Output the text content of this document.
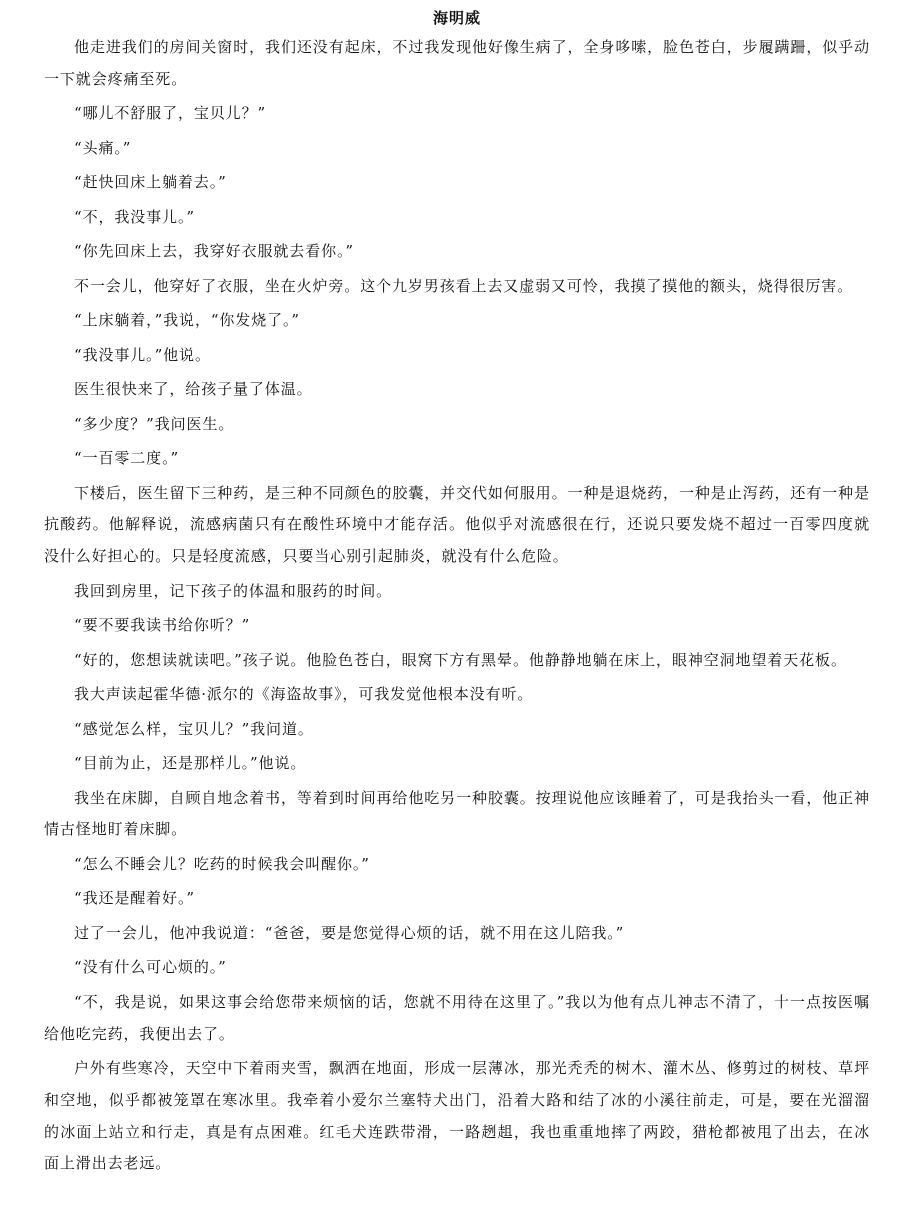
海明威

他走进我们的房间关窗时，我们还没有起床，不过我发现他好像生病了，全身哆嗦，脸色苍白，步履蹒跚，似乎动一下就会疼痛至死。

“哪儿不舒服了，宝贝儿？”

“头痛。”

“赶快回床上躺着去。”

“不，我没事儿。”

“你先回床上去，我穿好衣服就去看你。”

不一会儿，他穿好了衣服，坐在火炉旁。这个九岁男孩看上去又虚弱又可怜，我摸了摸他的额头，烧得很厉害。

“上床躺着，”我说，“你发烧了。”

“我没事儿。”他说。

医生很快来了，给孩子量了体温。

“多少度？”我问医生。

“一百零二度。”

下楼后，医生留下三种药，是三种不同颜色的胶囊，并交代如何服用。一种是退烧药，一种是止泻药，还有一种是抗酸药。他解释说，流感病菌只有在酸性环境中才能存活。他似乎对流感很在行，还说只要发烧不超过一百零四度就没什么好担心的。只是轻度流感，只要当心别引起肺炎，就没有什么危险。

我回到房里，记下孩子的体温和服药的时间。

“要不要我读书给你听？”

“好的，您想读就读吧。”孩子说。他脸色苍白，眼窝下方有黑晕。他静静地躺在床上，眼神空洞地望着天花板。

我大声读起霍华德·派尔的《海盗故事》，可我发觉他根本没有听。

“感觉怎么样，宝贝儿？”我问道。

“目前为止，还是那样儿。”他说。

我坐在床脚，自顾自地念着书，等着到时间再给他吃另一种胶囊。按理说他应该睡着了，可是我抬头一看，他正神情古怪地盯着床脚。

“怎么不睡会儿？吃药的时候我会叫醒你。”

“我还是醒着好。”

过了一会儿，他冲我说道：“爸爸，要是您觉得心烦的话，就不用在这儿陪我。”

“没有什么可心烦的。”

“不，我是说，如果这事会给您带来烦恼的话，您就不用待在这里了。”我以为他有点儿神志不清了，十一点按医嘱给他吃完药，我便出去了。

户外有些寒冷，天空中下着雨夹雪，飘洒在地面，形成一层薄冰，那光秃秃的树木、灌木丛、修剪过的树枝、草坪和空地，似乎都被笼罩在寒冰里。我牵着小爱尔兰塞特犬出门，沿着大路和结了冰的小溪往前走，可是，要在光溜溜的冰面上站立和行走，真是有点困难。红毛犬连跌带滑，一路趔趄，我也重重地摔了两跤，猎枪都被甩了出去，在冰面上滑出去老远。
